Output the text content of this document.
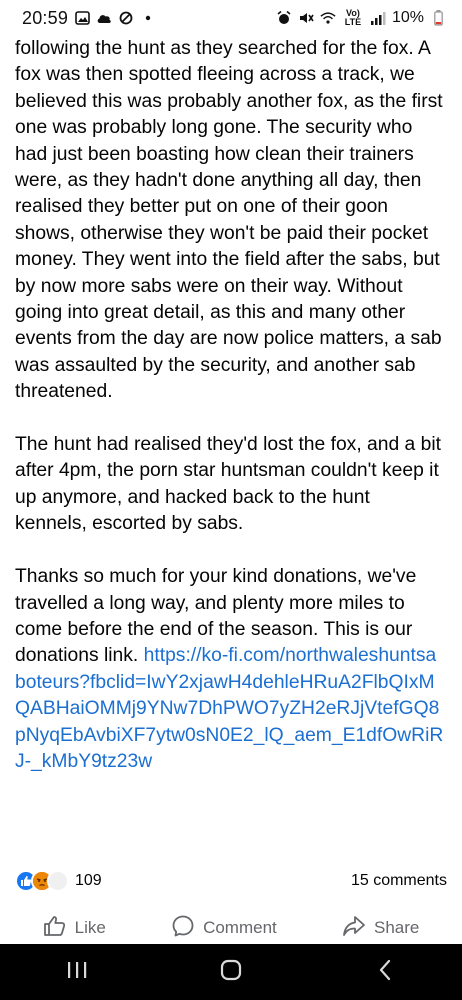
20:59	Vo) LTE 10%

following the hunt as they searched for the fox. A fox was then spotted fleeing across a track, we believed this was probably another fox, as the first one was probably long gone. The security who had just been boasting how clean their trainers were, as they hadn't done anything all day, then realised they better put on one of their goon shows, otherwise they won't be paid their pocket money. They went into the field after the sabs, but by now more sabs were on their way. Without going into great detail, as this and many other events from the day are now police matters, a sab was assaulted by the security, and another sab threatened.

The hunt had realised they'd lost the fox, and a bit after 4pm, the porn star huntsman couldn't keep it up anymore, and hacked back to the hunt kennels, escorted by sabs.

Thanks so much for your kind donations, we've travelled a long way, and plenty more miles to come before the end of the season. This is our donations link. https://ko-fi.com/northwaleshuntsaboteurs?fbclid=IwY2xjawH4dehleHRuA2FlbQIxMQABHaiOMMj9YNw7DhPWO7yZH2eRJjVtefGQ8pNyqEbAvbiXF7ytw0sN0E2_lQ_aem_E1dfOwRiRJ-_kMbY9tz23w

109	15 comments
Like	Comment	Share
